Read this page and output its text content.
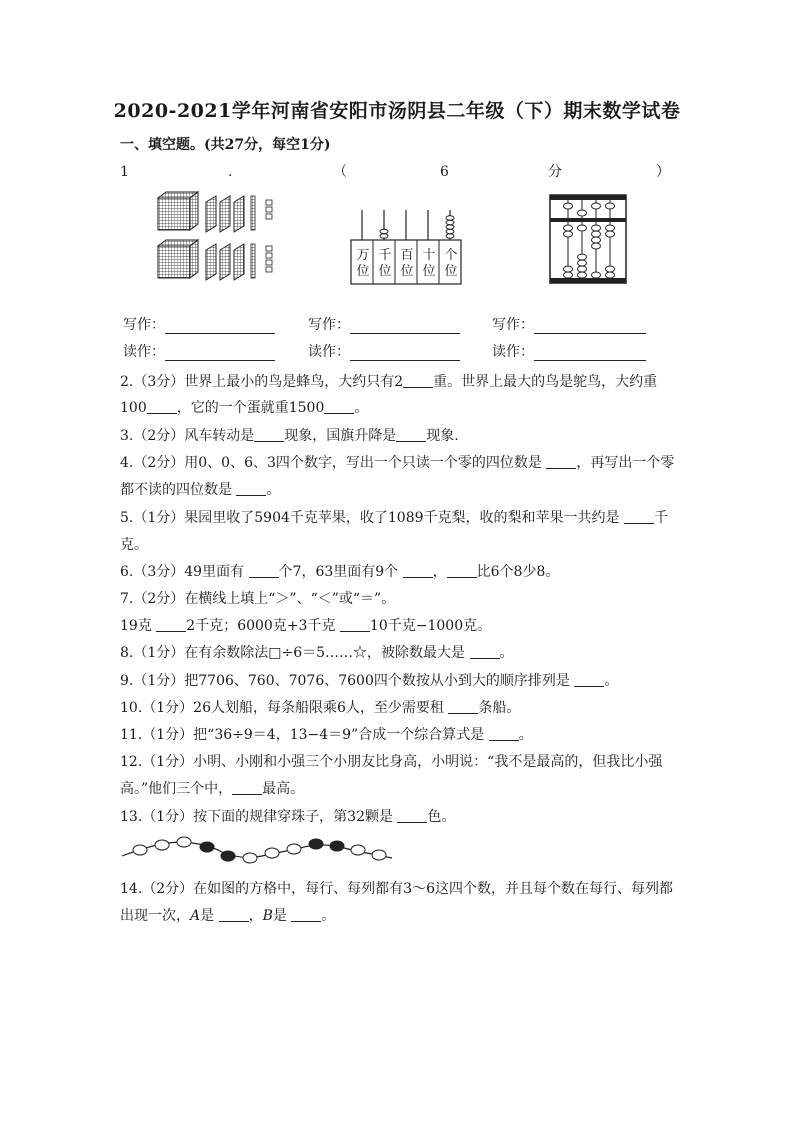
2020-2021学年河南省安阳市汤阴县二年级（下）期末数学试卷
一、填空题。(共27分，每空1分)
1	.	（	6	分	）
万位
千位
百位
十位
个位
写作：	写作：	写作：
读作：	读作：	读作：
2.（3分）世界上最小的鸟是蜂鸟，大约只有2 重。世界上最大的鸟是鸵鸟，大约重
100 ，它的一个蛋就重1500 。
3.（2分）风车转动是 现象，国旗升降是 现象.
4.（2分）用0、0、6、3四个数字，写出一个只读一个零的四位数是 ，再写出一个零
都不读的四位数是 。
5.（1分）果园里收了5904千克苹果，收了1089千克梨，收的梨和苹果一共约是 千
克。
6.（3分）49里面有 个7，63里面有9个 ， 比6个8少8。
7.（2分）在横线上填上“＞”、“＜”或“＝”。
19克 2千克；6000克+3千克 10千克−1000克。
8.（1分）在有余数除法□÷6＝5……☆，被除数最大是 。
9.（1分）把7706、760、7076、7600四个数按从小到大的顺序排列是 。
10.（1分）26人划船，每条船限乘6人，至少需要租 条船。
11.（1分）把“36÷9＝4，13−4＝9”合成一个综合算式是 。
12.（1分）小明、小刚和小强三个小朋友比身高，小明说：“我不是最高的，但我比小强
高。”他们三个中， 最高。
13.（1分）按下面的规律穿珠子，第32颗是 色。
14.（2分）在如图的方格中，每行、每列都有3～6这四个数，并且每个数在每行、每列都
出现一次，A是 ，B是 。
